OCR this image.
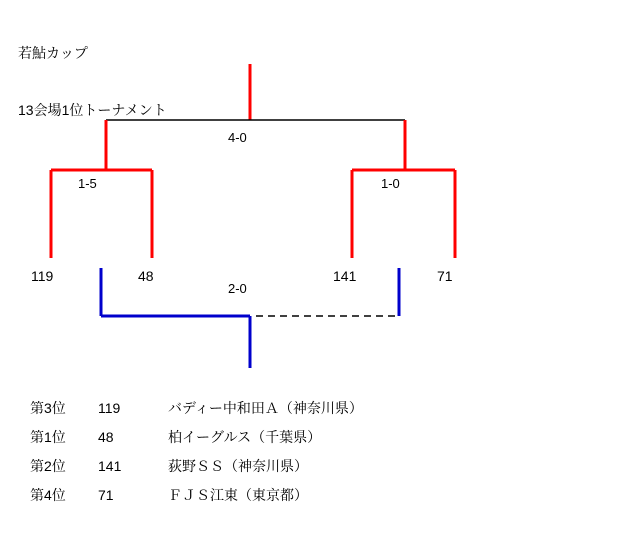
若鮎カップ

13会場1位トーナメント

4-0
1-5	1-0
2-0
119	48	141	71
第3位	119	バディー中和田Ａ（神奈川県）
第1位	48	柏イーグルス（千葉県）
第2位	141	荻野ＳＳ（神奈川県）
第4位	71	ＦＪＳ江東（東京都）
